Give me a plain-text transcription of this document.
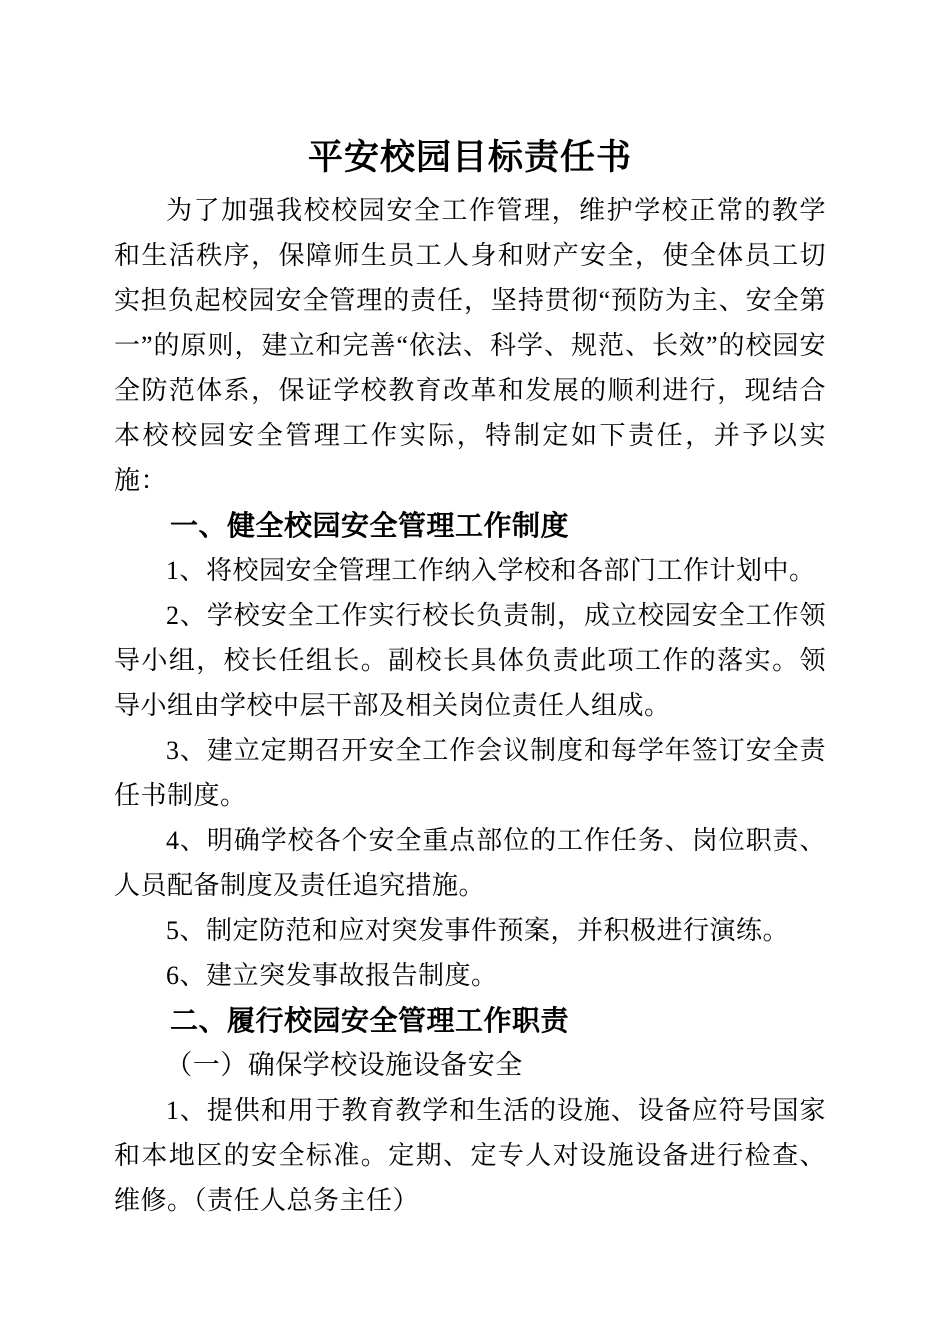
平安校园目标责任书

为了加强我校校园安全工作管理，维护学校正常的教学和生活秩序，保障师生员工人身和财产安全，使全体员工切实担负起校园安全管理的责任，坚持贯彻“预防为主、安全第一”的原则，建立和完善“依法、科学、规范、长效”的校园安全防范体系，保证学校教育改革和发展的顺利进行，现结合本校校园安全管理工作实际，特制定如下责任，并予以实施：

一、健全校园安全管理工作制度

1、将校园安全管理工作纳入学校和各部门工作计划中。

2、学校安全工作实行校长负责制，成立校园安全工作领导小组，校长任组长。副校长具体负责此项工作的落实。领导小组由学校中层干部及相关岗位责任人组成。

3、建立定期召开安全工作会议制度和每学年签订安全责任书制度。

4、明确学校各个安全重点部位的工作任务、岗位职责、人员配备制度及责任追究措施。

5、制定防范和应对突发事件预案，并积极进行演练。

6、建立突发事故报告制度。

二、履行校园安全管理工作职责
（一）确保学校设施设备安全

1、提供和用于教育教学和生活的设施、设备应符号国家和本地区的安全标准。定期、定专人对设施设备进行检查、维修。（责任人总务主任）
